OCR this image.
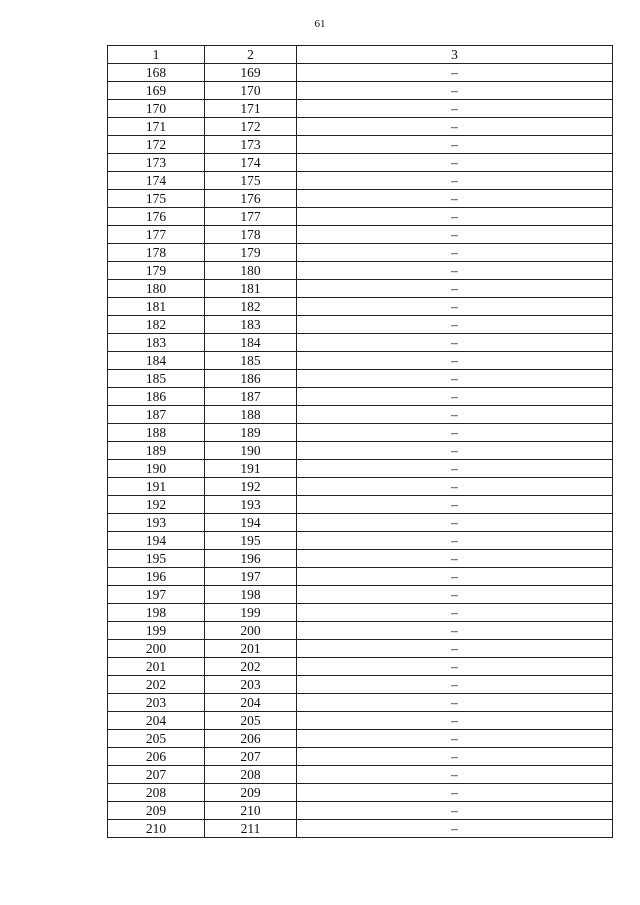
61
1	2	3
168	169	–
169	170	–
170	171	–
171	172	–
172	173	–
173	174	–
174	175	–
175	176	–
176	177	–
177	178	–
178	179	–
179	180	–
180	181	–
181	182	–
182	183	–
183	184	–
184	185	–
185	186	–
186	187	–
187	188	–
188	189	–
189	190	–
190	191	–
191	192	–
192	193	–
193	194	–
194	195	–
195	196	–
196	197	–
197	198	–
198	199	–
199	200	–
200	201	–
201	202	–
202	203	–
203	204	–
204	205	–
205	206	–
206	207	–
207	208	–
208	209	–
209	210	–
210	211	–
